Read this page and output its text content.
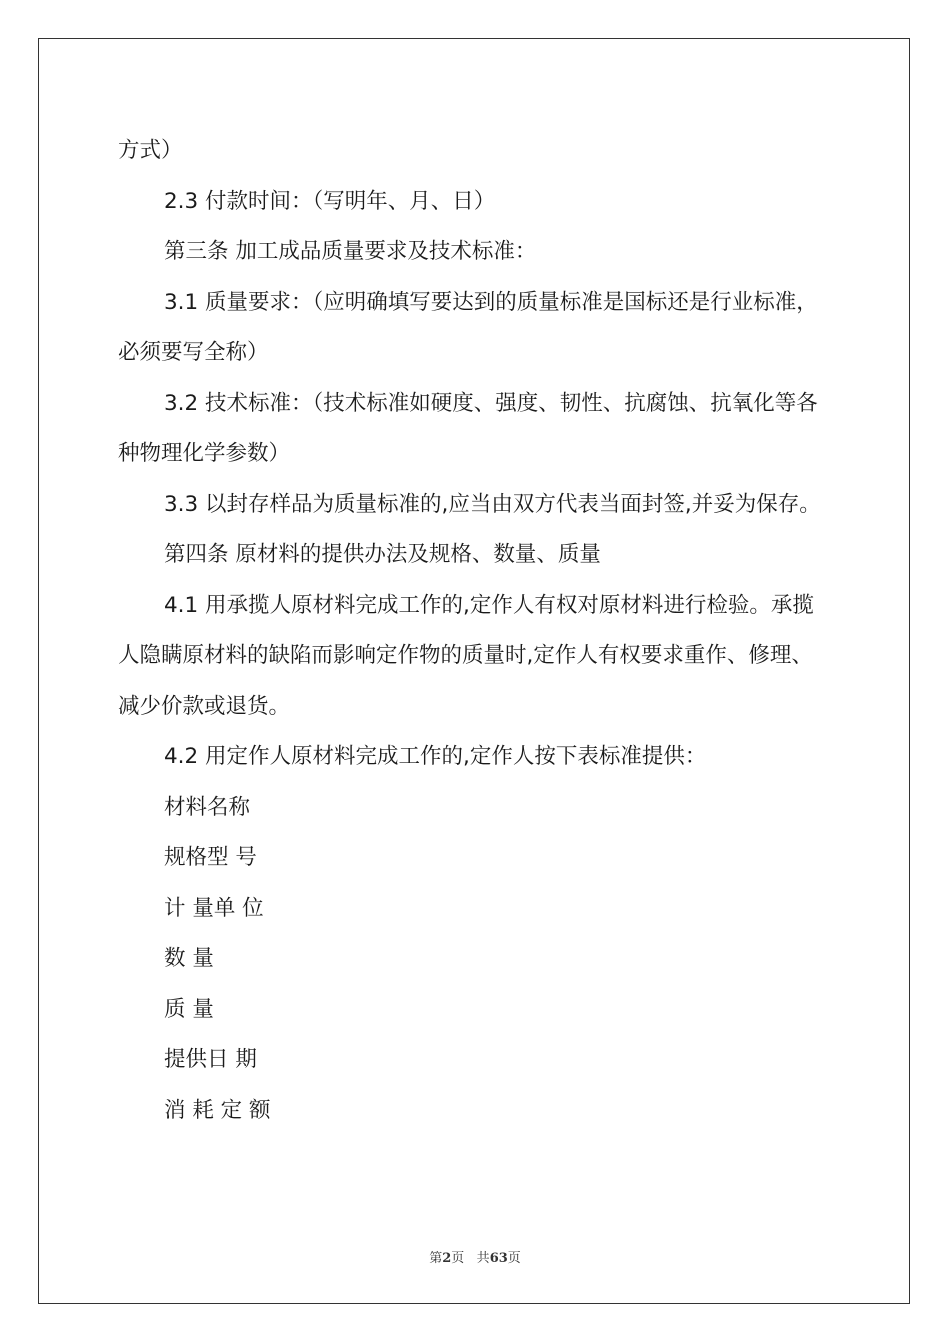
方式）

2.3 付款时间：（写明年、月、日）

第三条 加工成品质量要求及技术标准：

3.1 质量要求：（应明确填写要达到的质量标准是国标还是行业标准，必须要写全称）

3.2 技术标准：（技术标准如硬度、强度、韧性、抗腐蚀、抗氧化等各种物理化学参数）

3.3 以封存样品为质量标准的,应当由双方代表当面封签,并妥为保存。

第四条 原材料的提供办法及规格、数量、质量

4.1 用承揽人原材料完成工作的,定作人有权对原材料进行检验。承揽人隐瞒原材料的缺陷而影响定作物的质量时,定作人有权要求重作、修理、减少价款或退货。

4.2 用定作人原材料完成工作的,定作人按下表标准提供：

材料名称

规格型 号

计 量单 位

数 量

质 量

提供日 期

消 耗 定 额

第2页 共63页
